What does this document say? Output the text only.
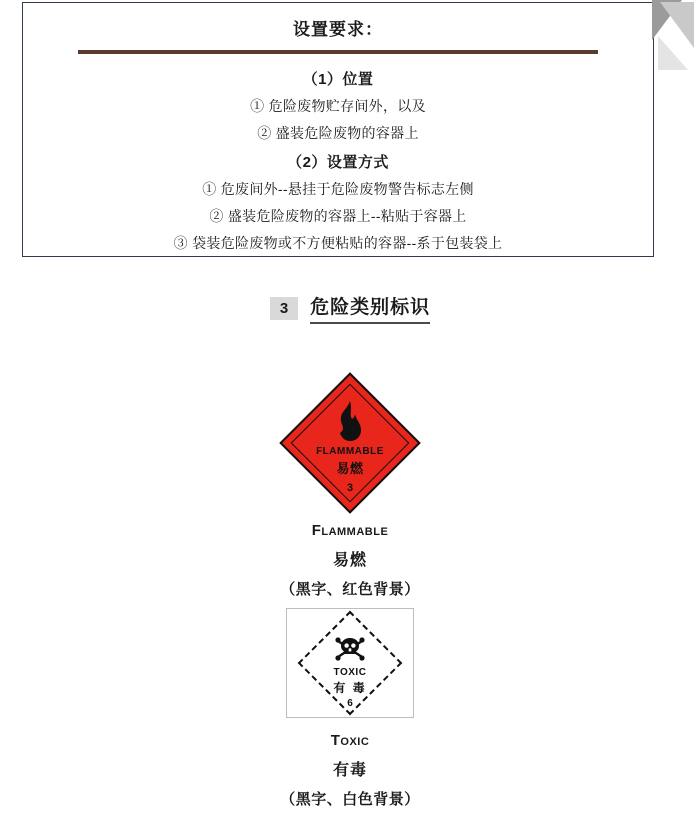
设置要求：
（1）位置
① 危险废物贮存间外，以及
② 盛装危险废物的容器上
（2）设置方式
① 危废间外--悬挂于危险废物警告标志左侧
② 盛装危险废物的容器上--粘贴于容器上
③ 袋装危险废物或不方便粘贴的容器--系于包装袋上
3	危险类别标识
FLAMMABLE
易燃
3
Flammable
易燃
（黑字、红色背景）
TOXIC
有 毒
6
Toxic
有毒
（黑字、白色背景）
